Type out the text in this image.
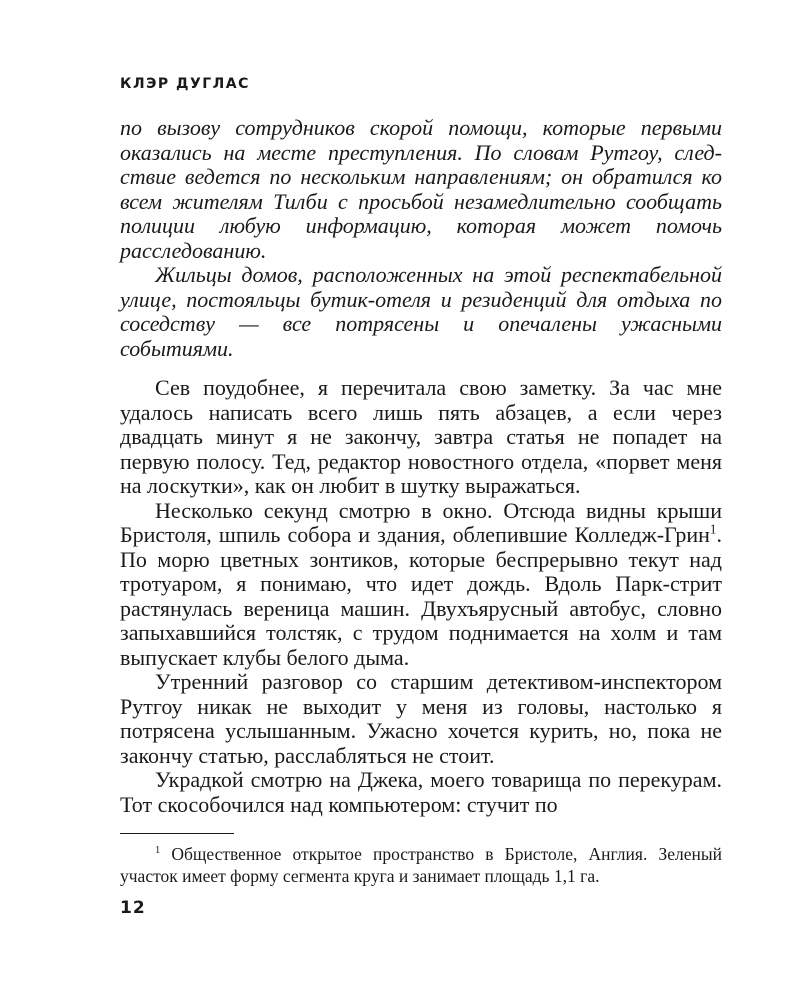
КЛЭР ДУГЛАС

по вызову сотрудников скорой помощи, которые первыми оказались на месте преступления. По словам Рутгоу, следствие ведется по нескольким направлениям; он обратился ко всем жителям Тилби с просьбой незамедлительно сообщать полиции любую информацию, которая может помочь расследованию.

Жильцы домов, расположенных на этой респектабельной улице, постояльцы бутик-отеля и резиденций для отдыха по соседству — все потрясены и опечалены ужасными событиями.

Сев поудобнее, я перечитала свою заметку. За час мне удалось написать всего лишь пять абзацев, а если через двадцать минут я не закончу, завтра статья не попадет на первую полосу. Тед, редактор новостного отдела, «порвет меня на лоскутки», как он любит в шутку выражаться.

Несколько секунд смотрю в окно. Отсюда видны крыши Бристоля, шпиль собора и здания, облепившие Колледж-Грин$^1$. По морю цветных зонтиков, которые беспрерывно текут над тротуаром, я понимаю, что идет дождь. Вдоль Парк-стрит растянулась вереница машин. Двухъярусный автобус, словно запыхавшийся толстяк, с трудом поднимается на холм и там выпускает клубы белого дыма.

Утренний разговор со старшим детективом-инспектором Рутгоу никак не выходит у меня из головы, настолько я потрясена услышанным. Ужасно хочется курить, но, пока не закончу статью, расслабляться не стоит.

Украдкой смотрю на Джека, моего товарища по перекурам. Тот скособочился над компьютером: стучит по

$^1$ Общественное открытое пространство в Бристоле, Англия. Зеленый участок имеет форму сегмента круга и занимает площадь 1,1 га.

12
